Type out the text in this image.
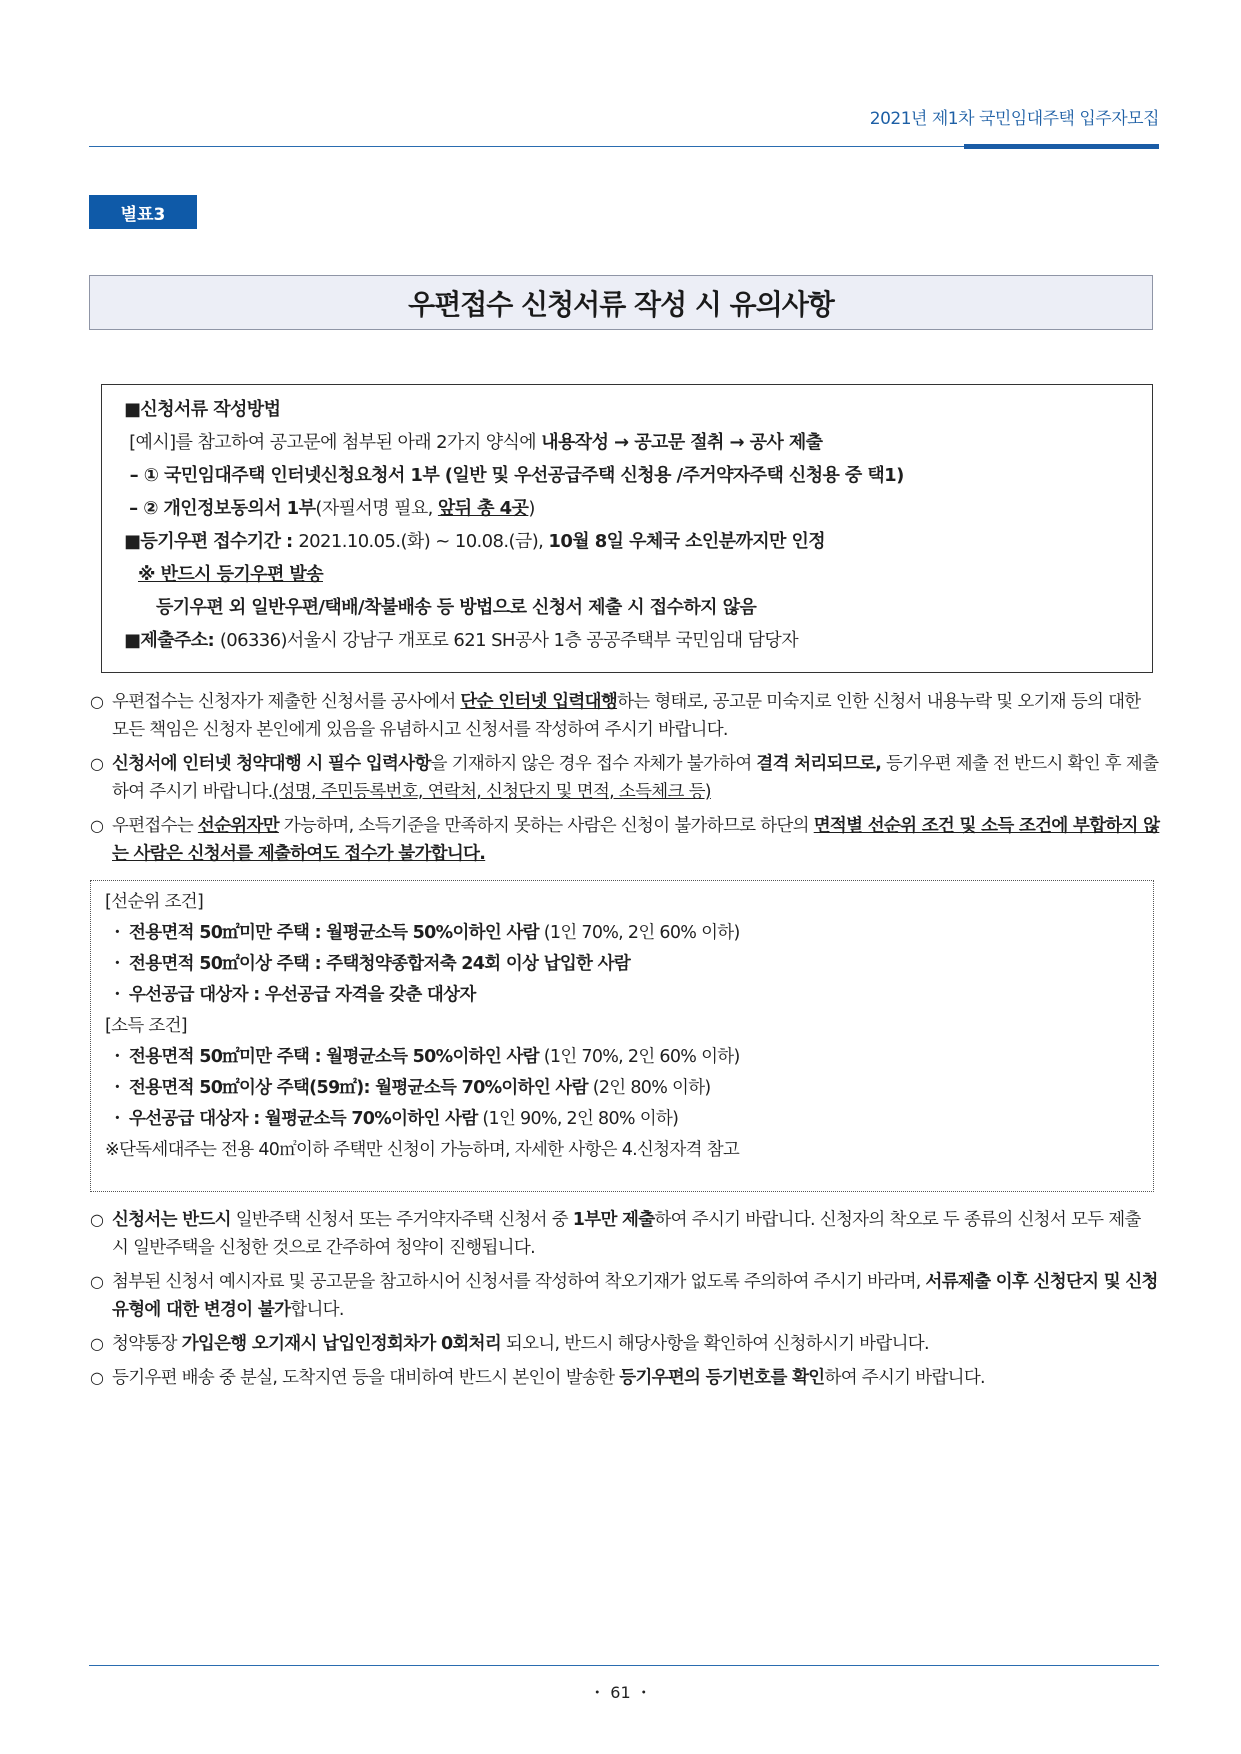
2021년 제1차 국민임대주택 입주자모집
별표3
우편접수 신청서류 작성 시 유의사항
■신청서류 작성방법
[예시]를 참고하여 공고문에 첨부된 아래 2가지 양식에 내용작성 → 공고문 절취 → 공사 제출
– ① 국민임대주택 인터넷신청요청서 1부 (일반 및 우선공급주택 신청용 /주거약자주택 신청용 중 택1)
– ② 개인정보동의서 1부(자필서명 필요, 앞뒤 총 4곳)
■등기우편 접수기간 : 2021.10.05.(화) ~ 10.08.(금), 10월 8일 우체국 소인분까지만 인정
※ 반드시 등기우편 발송
등기우편 외 일반우편/택배/착불배송 등 방법으로 신청서 제출 시 접수하지 않음
■제출주소: (06336)서울시 강남구 개포로 621 SH공사 1층 공공주택부 국민임대 담당자
○ 우편접수는 신청자가 제출한 신청서를 공사에서 단순 인터넷 입력대행하는 형태로, 공고문 미숙지로 인한 신청서 내용누락 및 오기재 등의 대한 모든 책임은 신청자 본인에게 있음을 유념하시고 신청서를 작성하여 주시기 바랍니다.
○ 신청서에 인터넷 청약대행 시 필수 입력사항을 기재하지 않은 경우 접수 자체가 불가하여 결격 처리되므로, 등기우편 제출 전 반드시 확인 후 제출하여 주시기 바랍니다.(성명, 주민등록번호, 연락처, 신청단지 및 면적, 소득체크 등)
○ 우편접수는 선순위자만 가능하며, 소득기준을 만족하지 못하는 사람은 신청이 불가하므로 하단의 면적별 선순위 조건 및 소득 조건에 부합하지 않는 사람은 신청서를 제출하여도 접수가 불가합니다.
[선순위 조건]
・ 전용면적 50㎡미만 주택 : 월평균소득 50%이하인 사람 (1인 70%, 2인 60% 이하)
・ 전용면적 50㎡이상 주택 : 주택청약종합저축 24회 이상 납입한 사람
・ 우선공급 대상자 : 우선공급 자격을 갖춘 대상자
[소득 조건]
・ 전용면적 50㎡미만 주택 : 월평균소득 50%이하인 사람 (1인 70%, 2인 60% 이하)
・ 전용면적 50㎡이상 주택(59㎡): 월평균소득 70%이하인 사람 (2인 80% 이하)
・ 우선공급 대상자 : 월평균소득 70%이하인 사람 (1인 90%, 2인 80% 이하)
※단독세대주는 전용 40㎡이하 주택만 신청이 가능하며, 자세한 사항은 4.신청자격 참고
○ 신청서는 반드시 일반주택 신청서 또는 주거약자주택 신청서 중 1부만 제출하여 주시기 바랍니다. 신청자의 착오로 두 종류의 신청서 모두 제출 시 일반주택을 신청한 것으로 간주하여 청약이 진행됩니다.
○ 첨부된 신청서 예시자료 및 공고문을 참고하시어 신청서를 작성하여 착오기재가 없도록 주의하여 주시기 바라며, 서류제출 이후 신청단지 및 신청유형에 대한 변경이 불가합니다.
○ 청약통장 가입은행 오기재시 납입인정회차가 0회처리 되오니, 반드시 해당사항을 확인하여 신청하시기 바랍니다.
○ 등기우편 배송 중 분실, 도착지연 등을 대비하여 반드시 본인이 발송한 등기우편의 등기번호를 확인하여 주시기 바랍니다.
・ 61 ・
